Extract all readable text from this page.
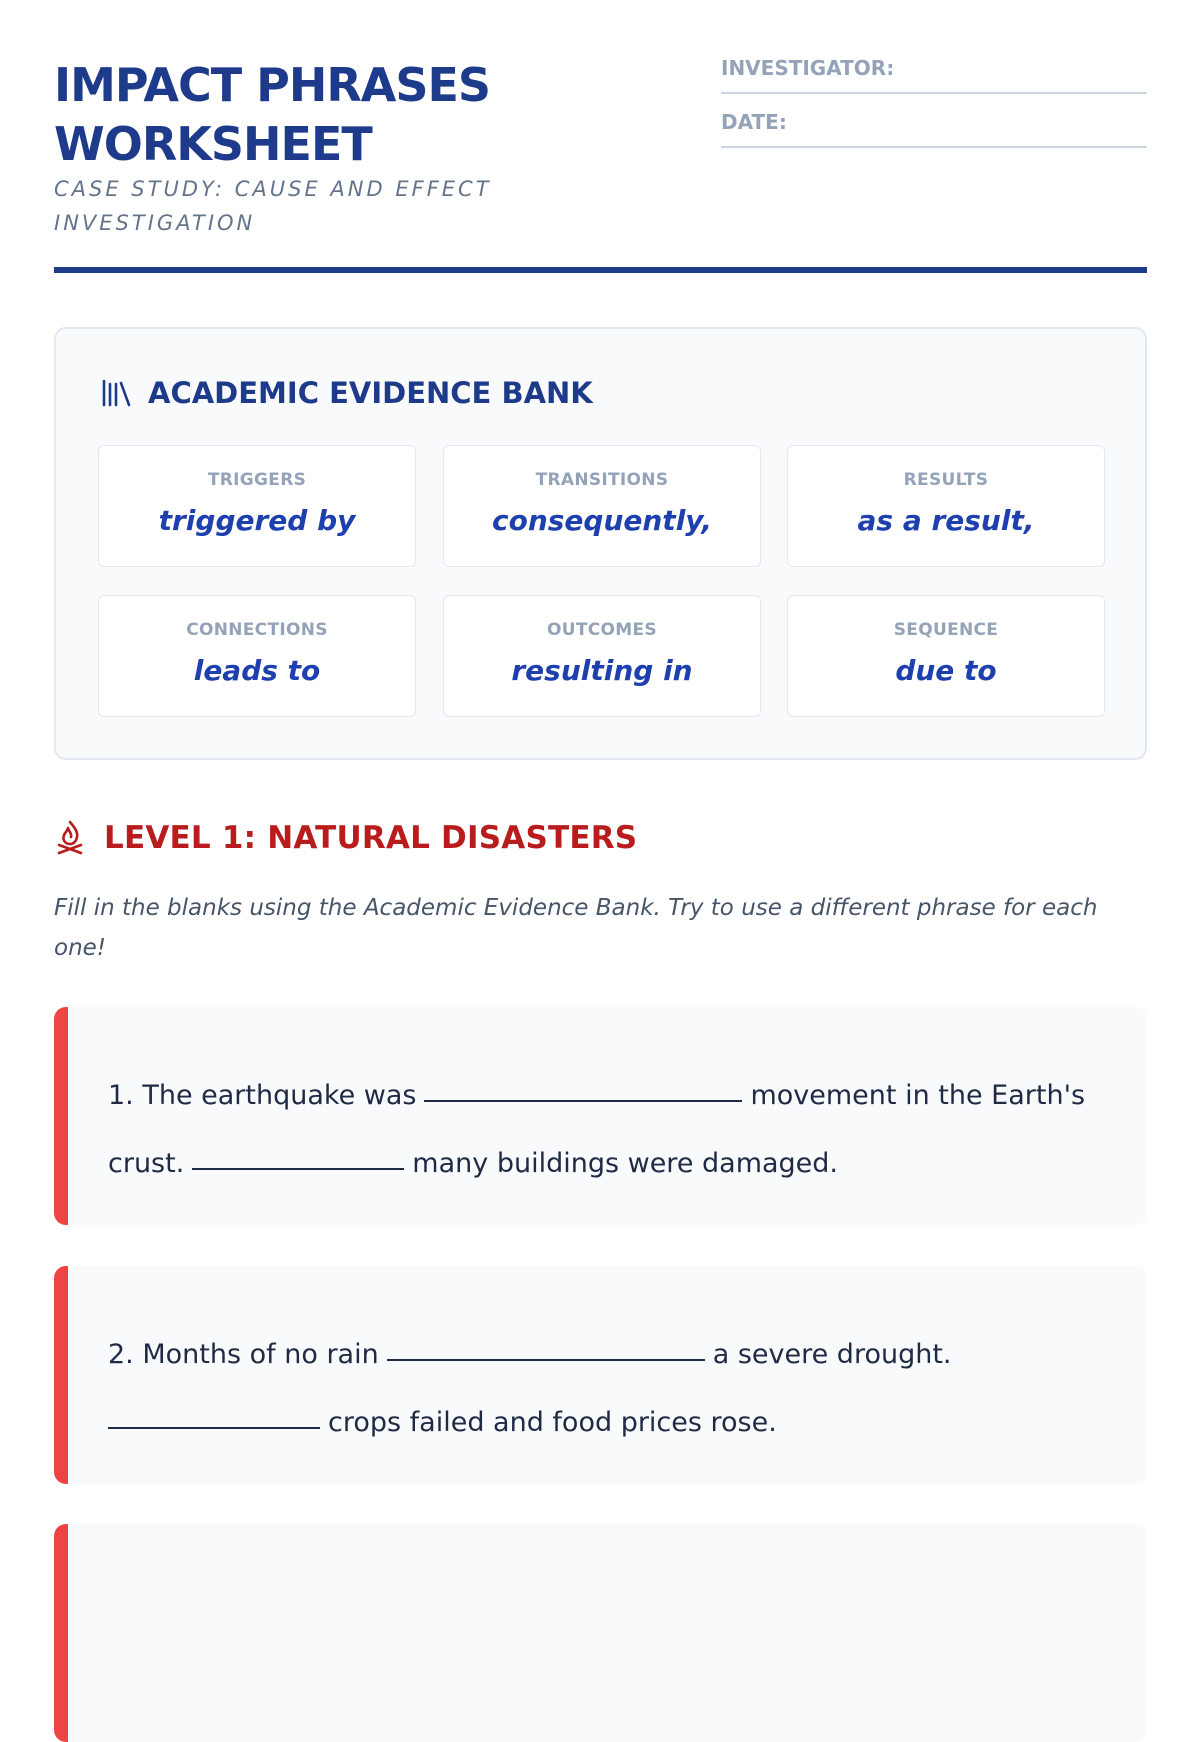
IMPACT PHRASES
WORKSHEET
CASE STUDY: CAUSE AND EFFECT INVESTIGATION
INVESTIGATOR:
DATE:
ACADEMIC EVIDENCE BANK
TRIGGERS
triggered by
TRANSITIONS
consequently,
RESULTS
as a result,
CONNECTIONS
leads to
OUTCOMES
resulting in
SEQUENCE
due to
LEVEL 1: NATURAL DISASTERS
Fill in the blanks using the Academic Evidence Bank. Try to use a different phrase for each one!
1. The earthquake was	movement in the Earth's
crust.	many buildings were damaged.
2. Months of no rain	a severe drought.
crops failed and food prices rose.
